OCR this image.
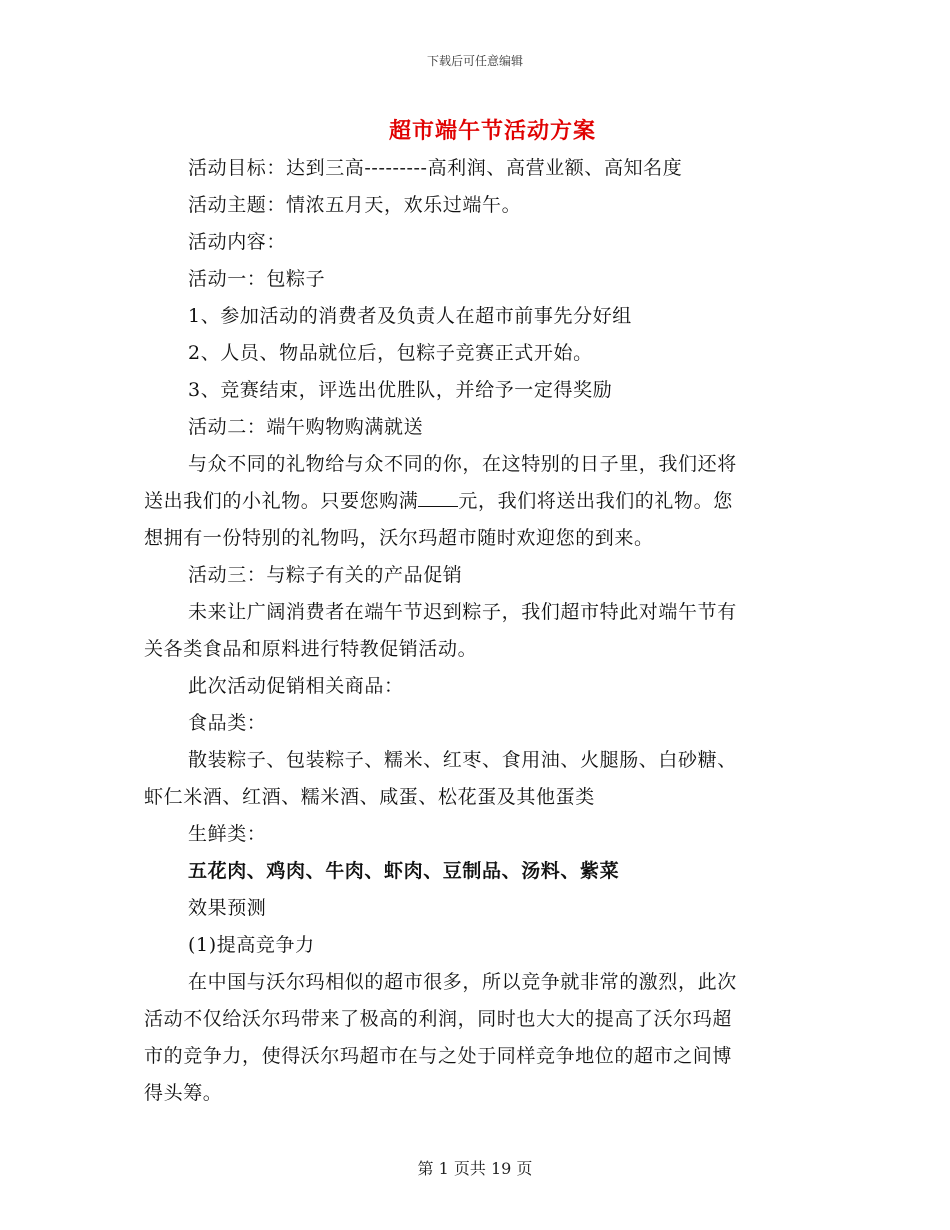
下载后可任意编辑
超市端午节活动方案
活动目标：达到三高---------高利润、高营业额、高知名度
活动主题：情浓五月天，欢乐过端午。
活动内容：
活动一：包粽子
1、参加活动的消费者及负责人在超市前事先分好组
2、人员、物品就位后，包粽子竞赛正式开始。
3、竞赛结束，评选出优胜队，并给予一定得奖励
活动二：端午购物购满就送
与众不同的礼物给与众不同的你，在这特别的日子里，我们还将
送出我们的小礼物。只要您购满 元，我们将送出我们的礼物。您
想拥有一份特别的礼物吗，沃尔玛超市随时欢迎您的到来。
活动三：与粽子有关的产品促销
未来让广阔消费者在端午节迟到粽子，我们超市特此对端午节有
关各类食品和原料进行特教促销活动。
此次活动促销相关商品：
食品类：
散装粽子、包装粽子、糯米、红枣、食用油、火腿肠、白砂糖、
虾仁米酒、红酒、糯米酒、咸蛋、松花蛋及其他蛋类
生鲜类：
五花肉、鸡肉、牛肉、虾肉、豆制品、汤料、紫菜
效果预测
(1)提高竞争力
在中国与沃尔玛相似的超市很多，所以竞争就非常的激烈，此次
活动不仅给沃尔玛带来了极高的利润，同时也大大的提高了沃尔玛超
市的竞争力，使得沃尔玛超市在与之处于同样竞争地位的超市之间博
得头筹。
第 1 页共 19 页
